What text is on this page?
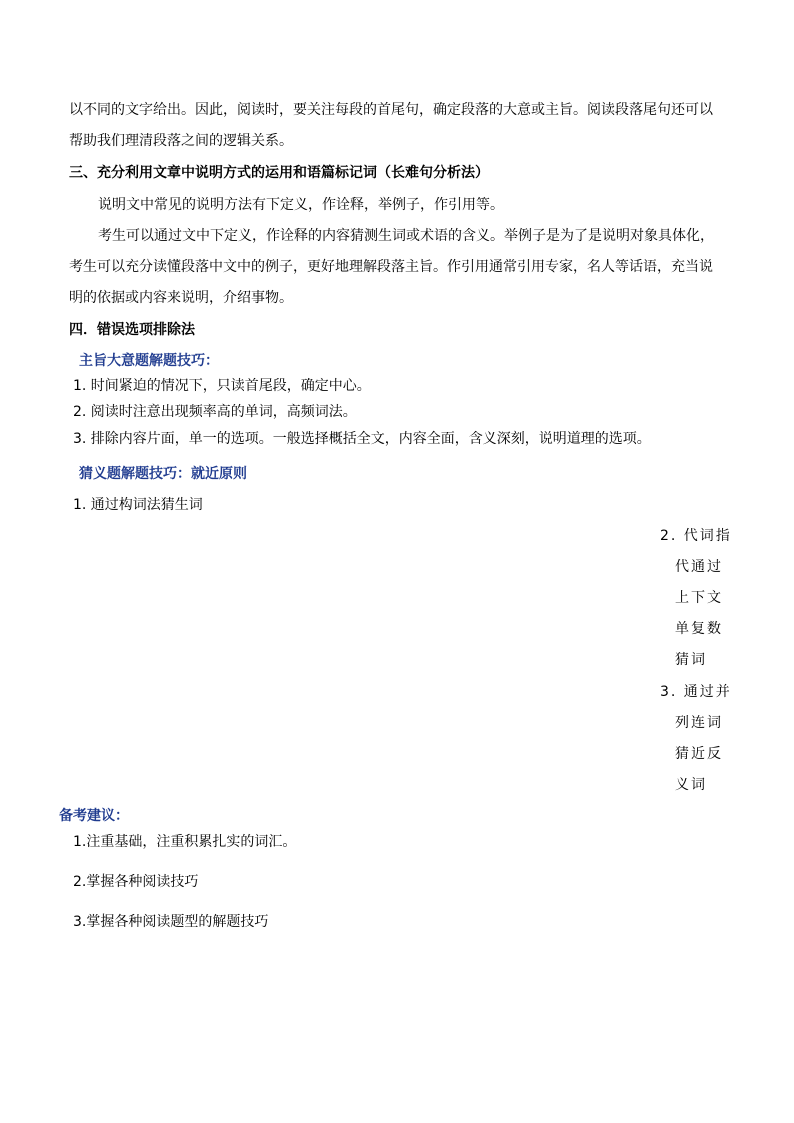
以不同的文字给出。因此，阅读时，要关注每段的首尾句，确定段落的大意或主旨。阅读段落尾句还可以
帮助我们理清段落之间的逻辑关系。
三、充分利用文章中说明方式的运用和语篇标记词（长难句分析法）
说明文中常见的说明方法有下定义，作诠释，举例子，作引用等。
考生可以通过文中下定义，作诠释的内容猜测生词或术语的含义。举例子是为了是说明对象具体化，
考生可以充分读懂段落中文中的例子，更好地理解段落主旨。作引用通常引用专家，名人等话语，充当说
明的依据或内容来说明，介绍事物。
四．错误选项排除法
主旨大意题解题技巧：
1. 时间紧迫的情况下，只读首尾段，确定中心。
2. 阅读时注意出现频率高的单词，高频词法。
3. 排除内容片面，单一的选项。一般选择概括全文，内容全面，含义深刻，说明道理的选项。
猜义题解题技巧：就近原则
1. 通过构词法猜生词
2. 代词指
代通过
上下文
单复数
猜词
3. 通过并
列连词
猜近反
义词
备考建议：
1.注重基础，注重积累扎实的词汇。
2.掌握各种阅读技巧
3.掌握各种阅读题型的解题技巧
